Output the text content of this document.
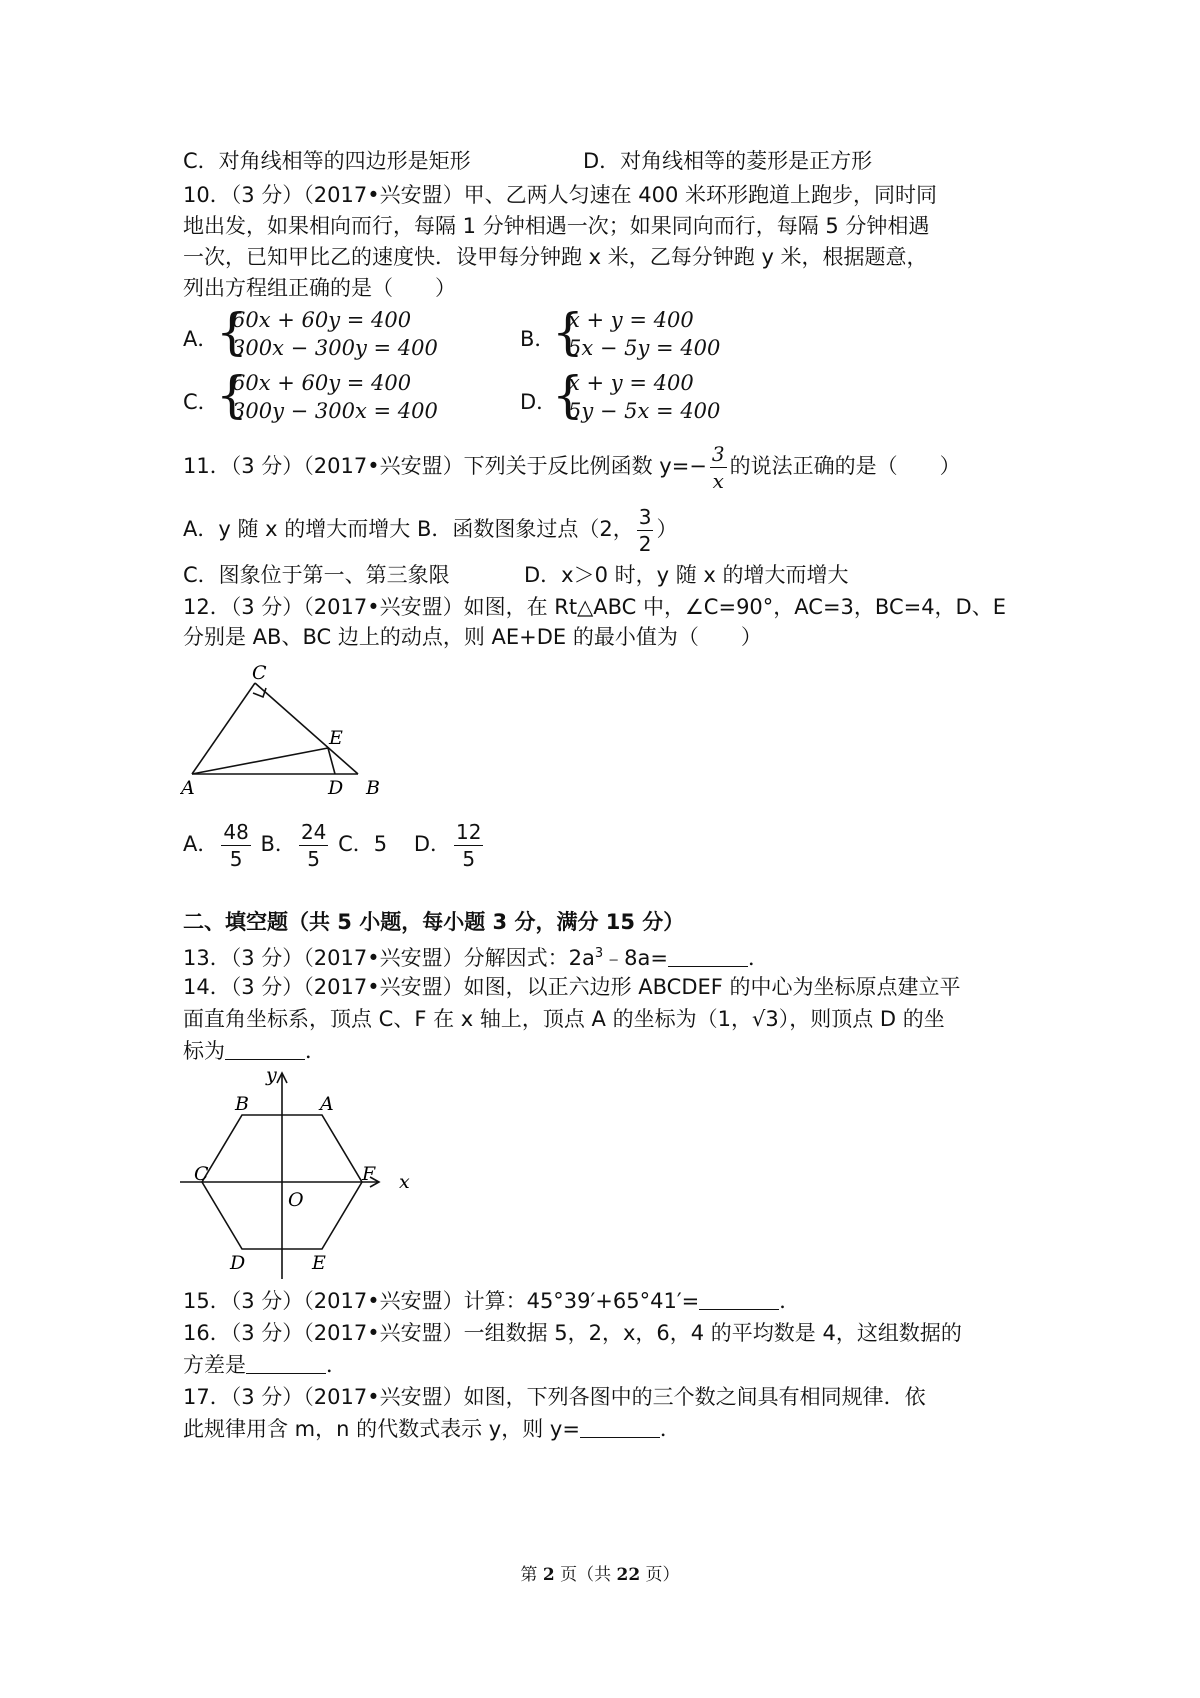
C．对角线相等的四边形是矩形	D．对角线相等的菱形是正方形
10．（3 分）（2017•兴安盟）甲、乙两人匀速在 400 米环形跑道上跑步，同时同
地出发，如果相向而行，每隔 1 分钟相遇一次；如果同向而行，每隔 5 分钟相遇
一次，已知甲比乙的速度快．设甲每分钟跑 x 米，乙每分钟跑 y 米，根据题意，
列出方程组正确的是（　　）
A．
{
60x + 60y = 400
300x − 300y = 400	B．
{
x + y = 400
5x − 5y = 400
C．
{
60x + 60y = 400
300y − 300x = 400	D．
{
x + y = 400
5y − 5x = 400
11．（3 分）（2017•兴安盟）下列关于反比例函数 $y=- \frac{3}{x}$ 的说法正确的是（　　）
A．y 随 x 的增大而增大 B．函数图象过点（2， $\frac{3}{2}$ ）
C．图象位于第一、第三象限	D．x＞0 时，y 随 x 的增大而增大
12．（3 分）（2017•兴安盟）如图，在 Rt△ABC 中，∠C=90°，AC=3，BC=4，D、E
分别是 AB、BC 边上的动点，则 AE+DE 的最小值为（　　）
C
E
A	D B
A． $\frac{48}{5}$ B． $\frac{24}{5}$ C．5 D． $\frac{12}{5}$
二、填空题（共 5 小题，每小题 3 分，满分 15 分）
13．（3 分）（2017•兴安盟）分解因式：$2a^3﹣8a=$	．
14．（3 分）（2017•兴安盟）如图，以正六边形 ABCDEF 的中心为坐标原点建立平
面直角坐标系，顶点 C、F 在 x 轴上，顶点 A 的坐标为（1，√3），则顶点 D 的坐
标为	．
y
x
O
A
B
C	F
D	E
15．（3 分）（2017•兴安盟）计算：45°39′+65°41′=	．
16．（3 分）（2017•兴安盟）一组数据 5，2，x，6，4 的平均数是 4，这组数据的
方差是	．
17．（3 分）（2017•兴安盟）如图，下列各图中的三个数之间具有相同规律．依
此规律用含 m，n 的代数式表示 y，则 y=	．
第 2 页（共 22 页）
